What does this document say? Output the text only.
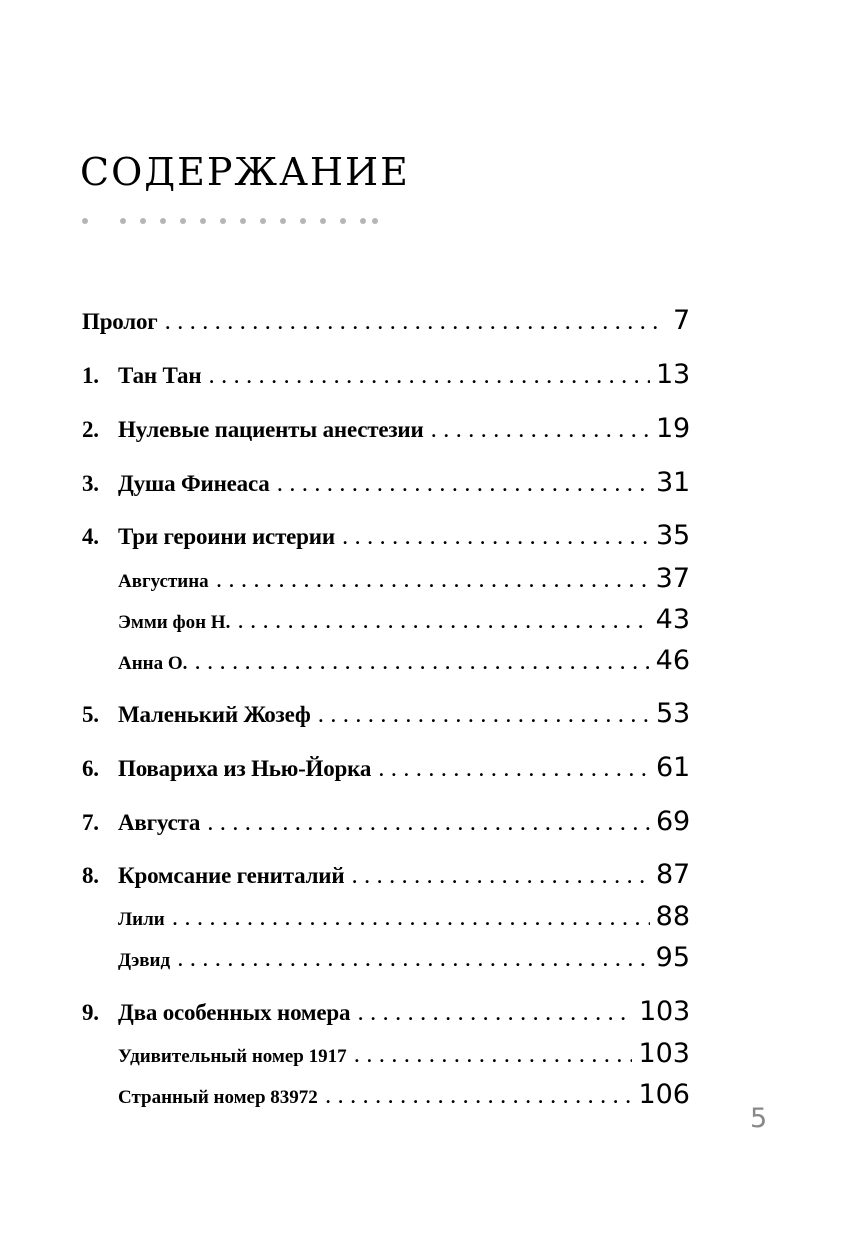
СОДЕРЖАНИЕ
Пролог . . .	7
1. Тан Тан . . .	13
2. Нулевые пациенты анестезии . . .	19
3. Душа Финеаса . . .	31
4. Три героини истерии . . .	35
Августина . . .	37
Эмми фон Н. . . .	43
Анна О. . . .	46
5. Маленький Жозеф . . .	53
6. Повариха из Нью-Йорка . . .	61
7. Августа . . .	69
8. Кромсание гениталий . . .	87
Лили . . .	88
Дэвид . . .	95
9. Два особенных номера . . .	103
Удивительный номер 1917 . . .	103
Странный номер 83972 . . .	106
5
